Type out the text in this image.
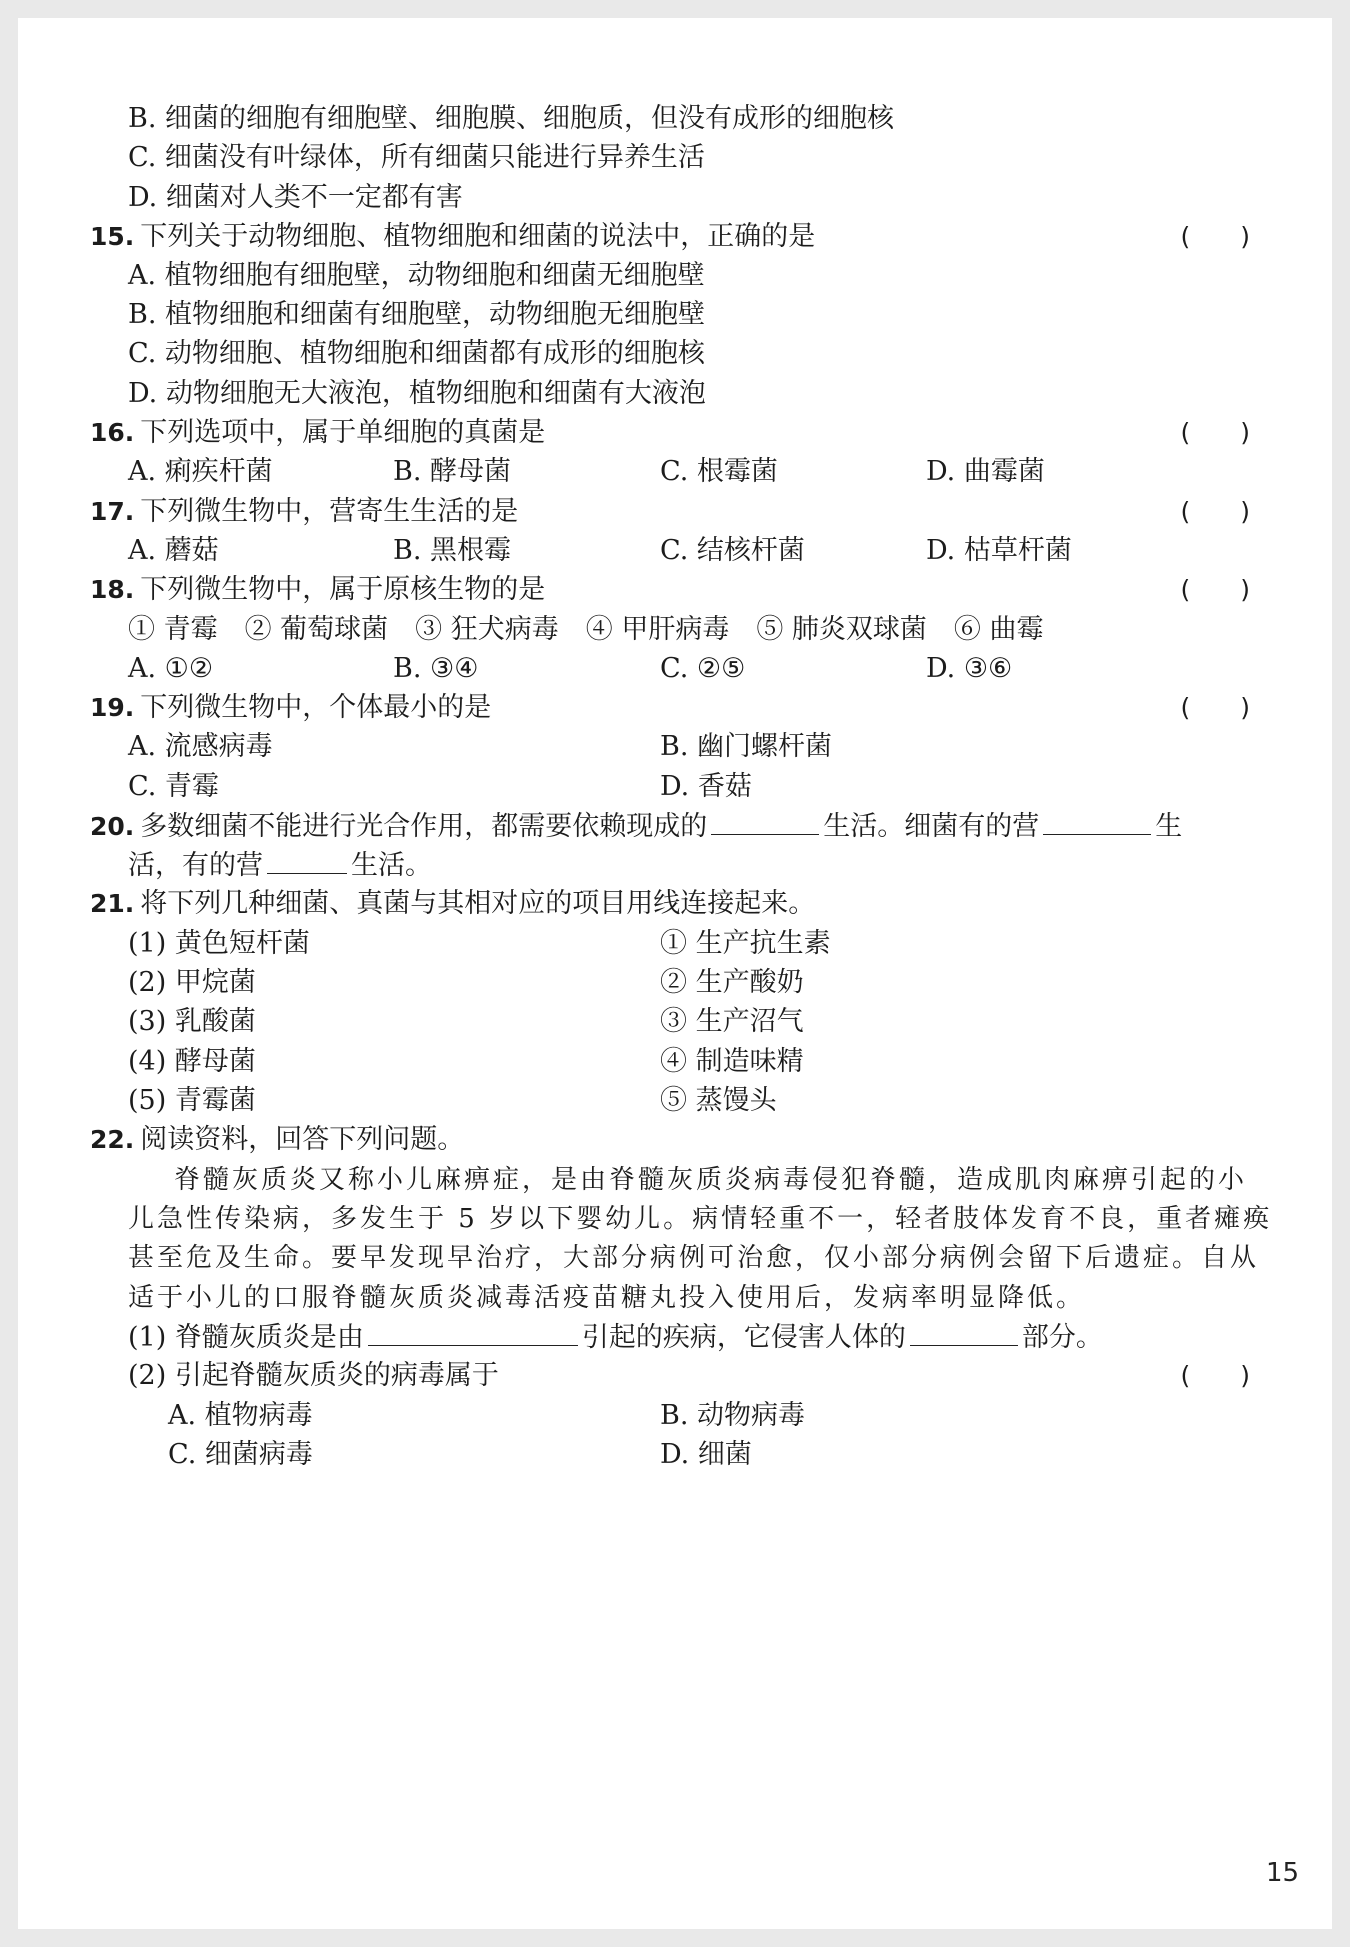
B. 细菌的细胞有细胞壁、细胞膜、细胞质，但没有成形的细胞核
C. 细菌没有叶绿体，所有细菌只能进行异养生活
D. 细菌对人类不一定都有害
15. 下列关于动物细胞、植物细胞和细菌的说法中，正确的是	(　　)
A. 植物细胞有细胞壁，动物细胞和细菌无细胞壁
B. 植物细胞和细菌有细胞壁，动物细胞无细胞壁
C. 动物细胞、植物细胞和细菌都有成形的细胞核
D. 动物细胞无大液泡，植物细胞和细菌有大液泡
16. 下列选项中，属于单细胞的真菌是	(　　)
A. 痢疾杆菌	B. 酵母菌	C. 根霉菌	D. 曲霉菌
17. 下列微生物中，营寄生生活的是	(　　)
A. 蘑菇	B. 黑根霉	C. 结核杆菌	D. 枯草杆菌
18. 下列微生物中，属于原核生物的是	(　　)
① 青霉　② 葡萄球菌　③ 狂犬病毒　④ 甲肝病毒　⑤ 肺炎双球菌　⑥ 曲霉
A. ①②	B. ③④	C. ②⑤	D. ③⑥
19. 下列微生物中，个体最小的是	(　　)
A. 流感病毒	B. 幽门螺杆菌
C. 青霉	D. 香菇
20. 多数细菌不能进行光合作用，都需要依赖现成的	生活。细菌有的营	生
活，有的营	生活。
21. 将下列几种细菌、真菌与其相对应的项目用线连接起来。
(1) 黄色短杆菌	① 生产抗生素
(2) 甲烷菌	② 生产酸奶
(3) 乳酸菌	③ 生产沼气
(4) 酵母菌	④ 制造味精
(5) 青霉菌	⑤ 蒸馒头
22. 阅读资料，回答下列问题。
脊髓灰质炎又称小儿麻痹症，是由脊髓灰质炎病毒侵犯脊髓，造成肌肉麻痹引起的小
儿急性传染病，多发生于 5 岁以下婴幼儿。病情轻重不一，轻者肢体发育不良，重者瘫痪
甚至危及生命。要早发现早治疗，大部分病例可治愈，仅小部分病例会留下后遗症。自从
适于小儿的口服脊髓灰质炎减毒活疫苗糖丸投入使用后，发病率明显降低。
(1) 脊髓灰质炎是由	引起的疾病，它侵害人体的	部分。
(2) 引起脊髓灰质炎的病毒属于	(　　)
A. 植物病毒	B. 动物病毒
C. 细菌病毒	D. 细菌
15
